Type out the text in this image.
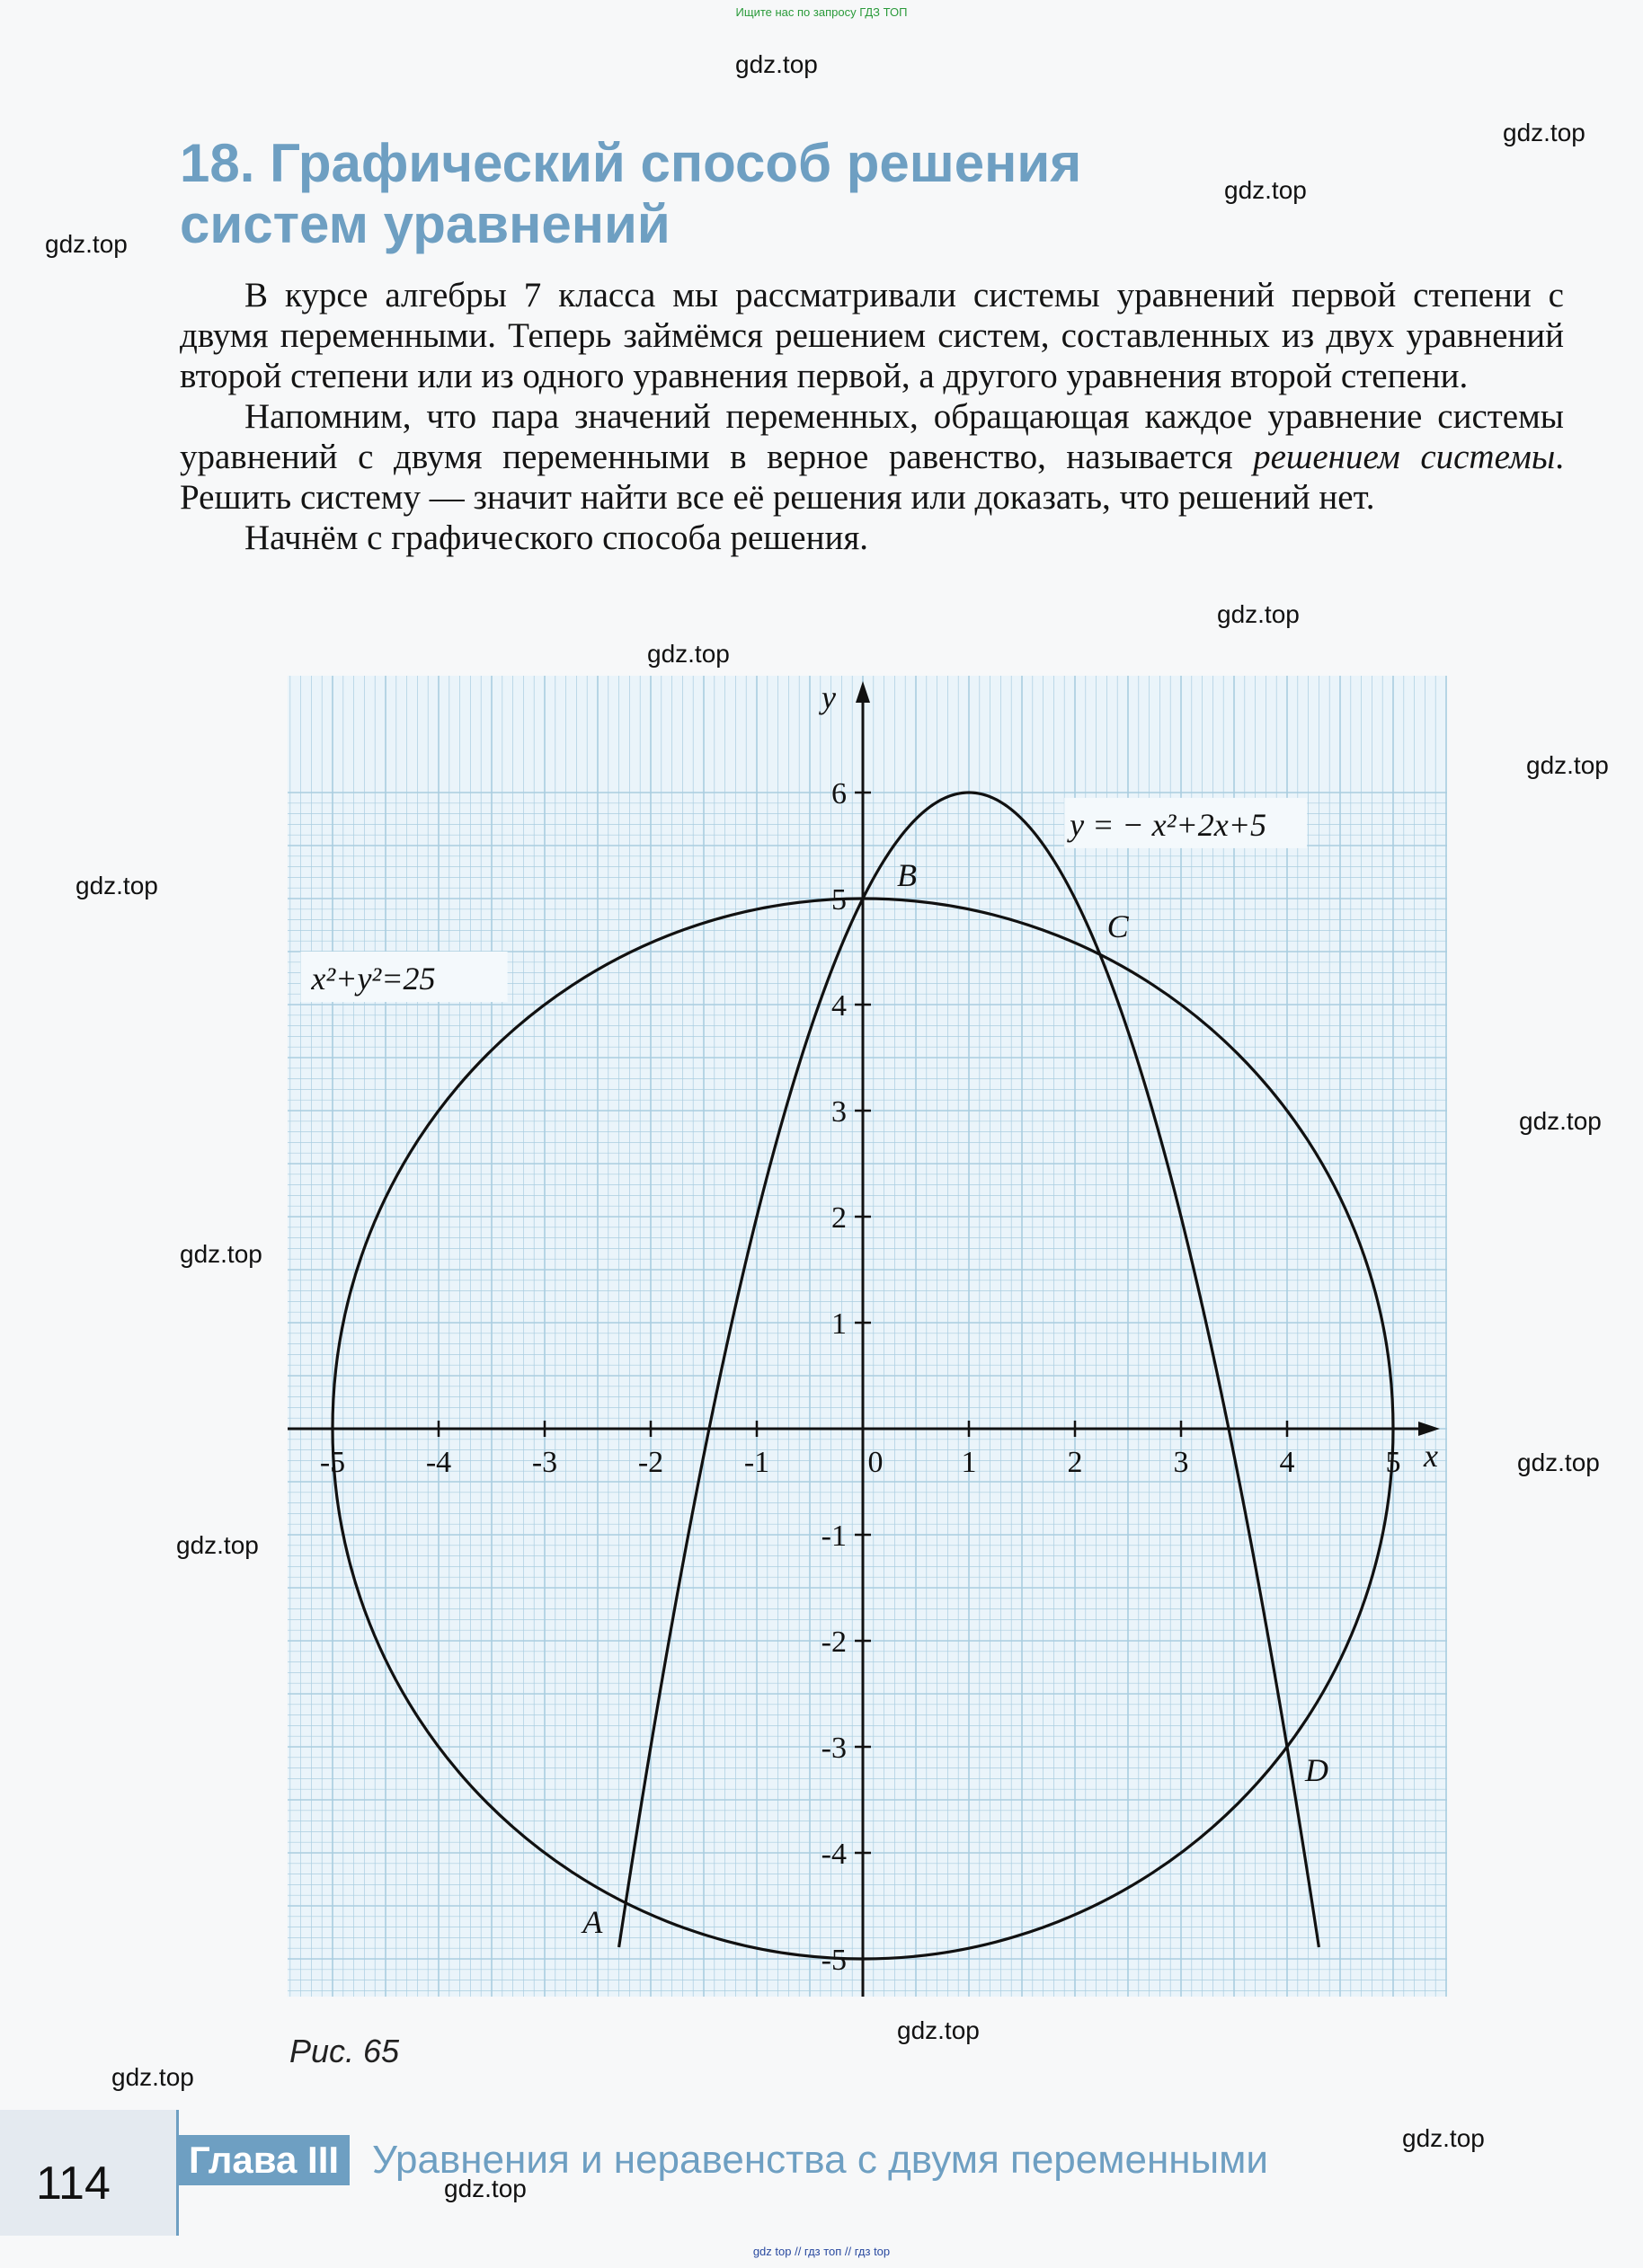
Ищите нас по запросу ГДЗ ТОП
gdz.top
gdz.top
gdz.top
gdz.top
gdz.top
gdz.top
gdz.top
gdz.top
gdz.top
gdz.top
gdz.top
gdz.top
gdz.top
gdz.top
gdz.top
gdz.top
18. Графический способ решения
систем уравнений

В курсе алгебры 7 класса мы рассматривали системы уравнений первой степени с двумя переменными. Теперь займёмся решением систем, составленных из двух уравнений второй степени или из одного уравнения первой, а другого уравнения второй степени.

Напомним, что пара значений переменных, обращающая каждое уравнение системы уравнений с двумя переменными в верное равенство, называется решением системы. Решить систему — значит найти все её решения или доказать, что решений нет.

Начнём с графического способа решения.

x
y
-5	-4	-3	-2	-1	0	1	2	3	4	5
6
5
4
3
2
1
-1
-2
-3
-4
-5
x²+y²=25
y = − x²+2x+5
A
B
C
D
Рис. 65
114 Глава III Уравнения и неравенства с двумя переменными
gdz top // гдз топ // гдз top
